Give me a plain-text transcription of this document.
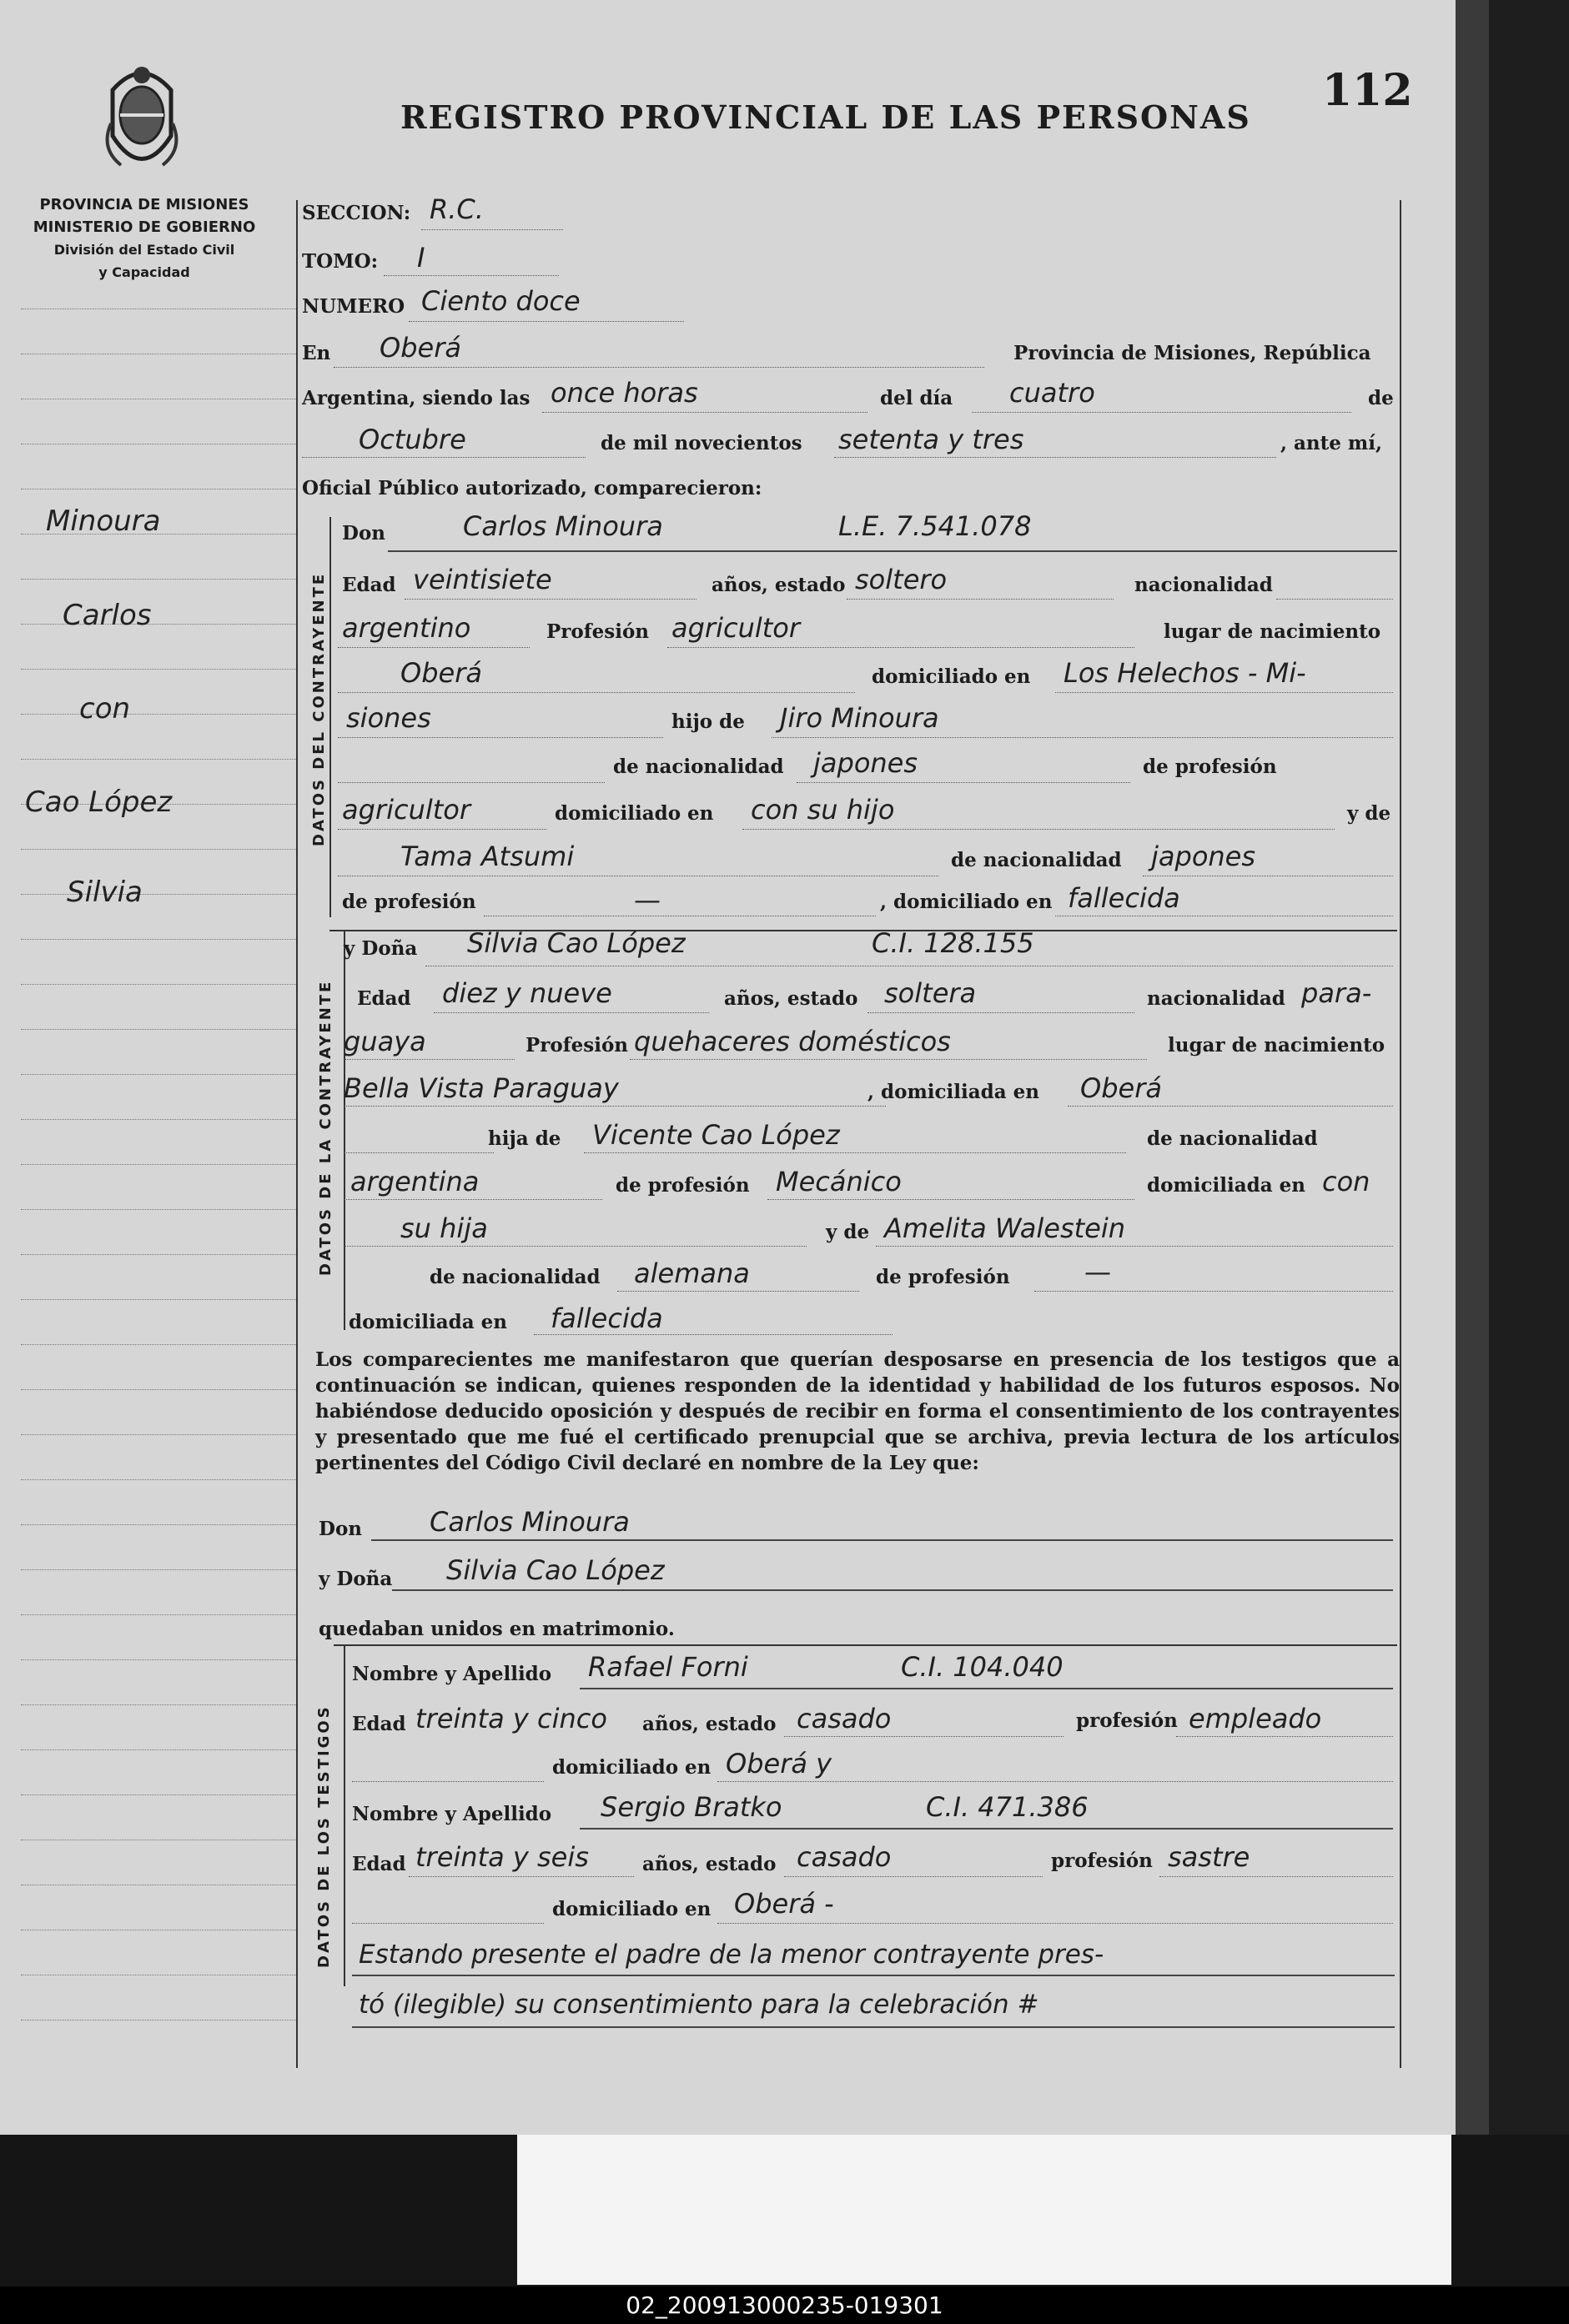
02_200913000235-019301
112
REGISTRO PROVINCIAL DE LAS PERSONAS
PROVINCIA DE MISIONES
MINISTERIO DE GOBIERNO
División del Estado Civil
y Capacidad
Minoura
Carlos
con
Cao López
Silvia
SECCION: R.C.
TOMO: I
NUMERO Ciento doce
En Oberá	Provincia de Misiones, República
Argentina, siendo las once horas	del día cuatro	de
Octubre	de mil novecientos setenta y tres	, ante mí,
Oficial Público autorizado, comparecieron:
DATOS DEL CONTRAYENTE
Don	Carlos Minoura	L.E. 7.541.078
Edad veintisiete	años, estado soltero	nacionalidad
argentino	Profesión agricultor	lugar de nacimiento
Oberá	domiciliado en Los Helechos - Mi-
siones	hijo de Jiro Minoura
de nacionalidad japones	de profesión
agricultor	domiciliado en con su hijo	y de
Tama Atsumi	de nacionalidad japones
de profesión	—	, domiciliado en fallecida
DATOS DE LA CONTRAYENTE
y Doña Silvia Cao López	C.I. 128.155
Edad diez y nueve	años, estado soltera	nacionalidad para-
guaya	Profesión quehaceres domésticos	lugar de nacimiento
Bella Vista Paraguay	, domiciliada en Oberá
hija de Vicente Cao López	de nacionalidad
argentina	de profesión Mecánico	domiciliada en con
su hija	y de Amelita Walestein
de nacionalidad alemana	de profesión	—
domiciliada en fallecida
Los comparecientes me manifestaron que querían desposarse en presencia de los testigos que a continuación se indican, quienes responden de la identidad y habilidad de los futuros esposos. No habiéndose deducido oposición y después de recibir en forma el consentimiento de los contrayentes y presentado que me fué el certificado prenupcial que se archiva, previa lectura de los artículos pertinentes del Código Civil declaré en nombre de la Ley que:
Don	Carlos Minoura
y Doña Silvia Cao López
quedaban unidos en matrimonio.
DATOS DE LOS TESTIGOS
Nombre y Apellido Rafael Forni	C.I. 104.040
Edad treinta y cinco años, estado casado	profesión empleado
domiciliado en Oberá y
Nombre y Apellido Sergio Bratko	C.I. 471.386
Edad treinta y seis	años, estado casado	profesión sastre
domiciliado en Oberá -
Estando presente el padre de la menor contrayente pres-
tó (ilegible) su consentimiento para la celebración #
